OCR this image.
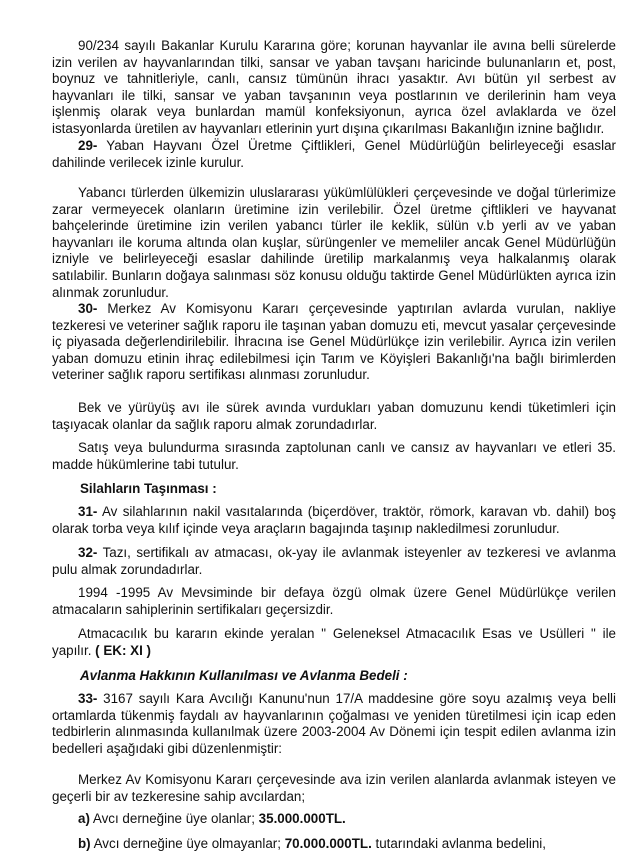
90/234 sayılı Bakanlar Kurulu Kararına göre; korunan hayvanlar ile avına belli sürelerde izin verilen av hayvanlarından tilki, sansar ve yaban tavşanı haricinde bulunanların et, post, boynuz ve tahnitleriyle, canlı, cansız tümünün ihracı yasaktır. Avı bütün yıl serbest av hayvanları ile tilki, sansar ve yaban tavşanının veya postlarının ve derilerinin ham veya işlenmiş olarak veya bunlardan mamül konfeksiyonun, ayrıca özel avlaklarda ve özel istasyonlarda üretilen av hayvanları etlerinin yurt dışına çıkarılması Bakanlığın iznine bağlıdır.

29- Yaban Hayvanı Özel Üretme Çiftlikleri, Genel Müdürlüğün belirleyeceği esaslar dahilinde verilecek izinle kurulur.

Yabancı türlerden ülkemizin uluslararası yükümlülükleri çerçevesinde ve doğal türlerimize zarar vermeyecek olanların üretimine izin verilebilir. Özel üretme çiftlikleri ve hayvanat bahçelerinde üretimine izin verilen yabancı türler ile keklik, sülün v.b yerli av ve yaban hayvanları ile koruma altında olan kuşlar, sürüngenler ve memeliler ancak Genel Müdürlüğün izniyle ve belirleyeceği esaslar dahilinde üretilip markalanmış veya halkalanmış olarak satılabilir. Bunların doğaya salınması söz konusu olduğu taktirde Genel Müdürlükten ayrıca izin alınmak zorunludur.

30- Merkez Av Komisyonu Kararı çerçevesinde yaptırılan avlarda vurulan, nakliye tezkeresi ve veteriner sağlık raporu ile taşınan yaban domuzu eti, mevcut yasalar çerçevesinde iç piyasada değerlendirilebilir. İhracına ise Genel Müdürlükçe izin verilebilir. Ayrıca izin verilen yaban domuzu etinin ihraç edilebilmesi için Tarım ve Köyişleri Bakanlığı'na bağlı birimlerden veteriner sağlık raporu sertifikası alınması zorunludur.

Bek ve yürüyüş avı ile sürek avında vurdukları yaban domuzunu kendi tüketimleri için taşıyacak olanlar da sağlık raporu almak zorundadırlar.

Satış veya bulundurma sırasında zaptolunan canlı ve cansız av hayvanları ve etleri 35. madde hükümlerine tabi tutulur.

Silahların Taşınması :

31- Av silahlarının nakil vasıtalarında (biçerdöver, traktör, römork, karavan vb. dahil) boş olarak torba veya kılıf içinde veya araçların bagajında taşınıp nakledilmesi zorunludur.

32- Tazı, sertifikalı av atmacası, ok-yay ile avlanmak isteyenler av tezkeresi ve avlanma pulu almak zorundadırlar.

1994 -1995 Av Mevsiminde bir defaya özgü olmak üzere Genel Müdürlükçe verilen atmacaların sahiplerinin sertifikaları geçersizdir.

Atmacacılık bu kararın ekinde yeralan " Geleneksel Atmacacılık Esas ve Usülleri " ile yapılır. ( EK: XI )

Avlanma Hakkının Kullanılması ve Avlanma Bedeli :

33- 3167 sayılı Kara Avcılığı Kanunu'nun 17/A maddesine göre soyu azalmış veya belli ortamlarda tükenmiş faydalı av hayvanlarının çoğalması ve yeniden türetilmesi için icap eden tedbirlerin alınmasında kullanılmak üzere 2003-2004 Av Dönemi için tespit edilen avlanma izin bedelleri aşağıdaki gibi düzenlenmiştir:

Merkez Av Komisyonu Kararı çerçevesinde ava izin verilen alanlarda avlanmak isteyen ve geçerli bir av tezkeresine sahip avcılardan;

a) Avcı derneğine üye olanlar; 35.000.000TL.

b) Avcı derneğine üye olmayanlar; 70.000.000TL. tutarındaki avlanma bedelini,
